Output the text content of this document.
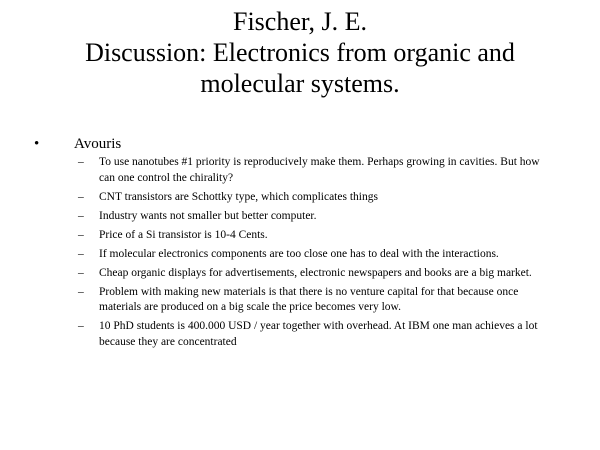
Fischer, J. E.
Discussion: Electronics from organic and
molecular systems.
• Avouris
– To use nanotubes #1 priority is reproducively make them. Perhaps growing in cavities. But how can one control the chirality?
– CNT transistors are Schottky type, which complicates things
– Industry wants not smaller but better computer.
– Price of a Si transistor is 10-4 Cents.
– If molecular electronics components are too close one has to deal with the interactions.
– Cheap organic displays for advertisements, electronic newspapers and books are a big market.
– Problem with making new materials is that there is no venture capital for that because once materials are produced on a big scale the price becomes very low.
– 10 PhD students is 400.000 USD / year together with overhead. At IBM one man achieves a lot because they are concentrated
